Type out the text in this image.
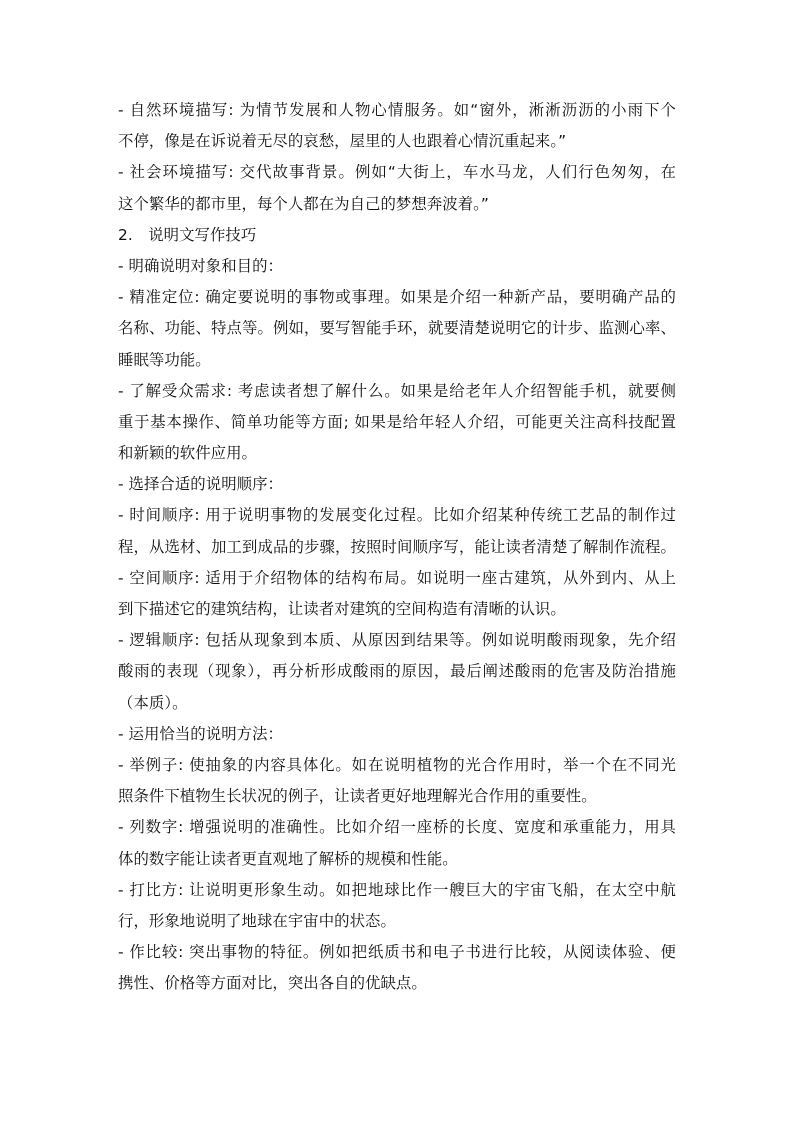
- 自然环境描写: 为情节发展和人物心情服务。如“窗外，淅淅沥沥的小雨下个
不停，像是在诉说着无尽的哀愁，屋里的人也跟着心情沉重起来。”
- 社会环境描写: 交代故事背景。例如“大街上，车水马龙，人们行色匆匆，在
这个繁华的都市里，每个人都在为自己的梦想奔波着。”
2.　说明文写作技巧
- 明确说明对象和目的：
- 精准定位: 确定要说明的事物或事理。如果是介绍一种新产品，要明确产品的
名称、功能、特点等。例如，要写智能手环，就要清楚说明它的计步、监测心率、
睡眠等功能。
- 了解受众需求: 考虑读者想了解什么。如果是给老年人介绍智能手机，就要侧
重于基本操作、简单功能等方面; 如果是给年轻人介绍，可能更关注高科技配置
和新颖的软件应用。
- 选择合适的说明顺序：
- 时间顺序: 用于说明事物的发展变化过程。比如介绍某种传统工艺品的制作过
程，从选材、加工到成品的步骤，按照时间顺序写，能让读者清楚了解制作流程。
- 空间顺序: 适用于介绍物体的结构布局。如说明一座古建筑，从外到内、从上
到下描述它的建筑结构，让读者对建筑的空间构造有清晰的认识。
- 逻辑顺序: 包括从现象到本质、从原因到结果等。例如说明酸雨现象，先介绍
酸雨的表现（现象），再分析形成酸雨的原因，最后阐述酸雨的危害及防治措施
（本质）。
- 运用恰当的说明方法：
- 举例子: 使抽象的内容具体化。如在说明植物的光合作用时，举一个在不同光
照条件下植物生长状况的例子，让读者更好地理解光合作用的重要性。
- 列数字: 增强说明的准确性。比如介绍一座桥的长度、宽度和承重能力，用具
体的数字能让读者更直观地了解桥的规模和性能。
- 打比方: 让说明更形象生动。如把地球比作一艘巨大的宇宙飞船，在太空中航
行，形象地说明了地球在宇宙中的状态。
- 作比较: 突出事物的特征。例如把纸质书和电子书进行比较，从阅读体验、便
携性、价格等方面对比，突出各自的优缺点。
